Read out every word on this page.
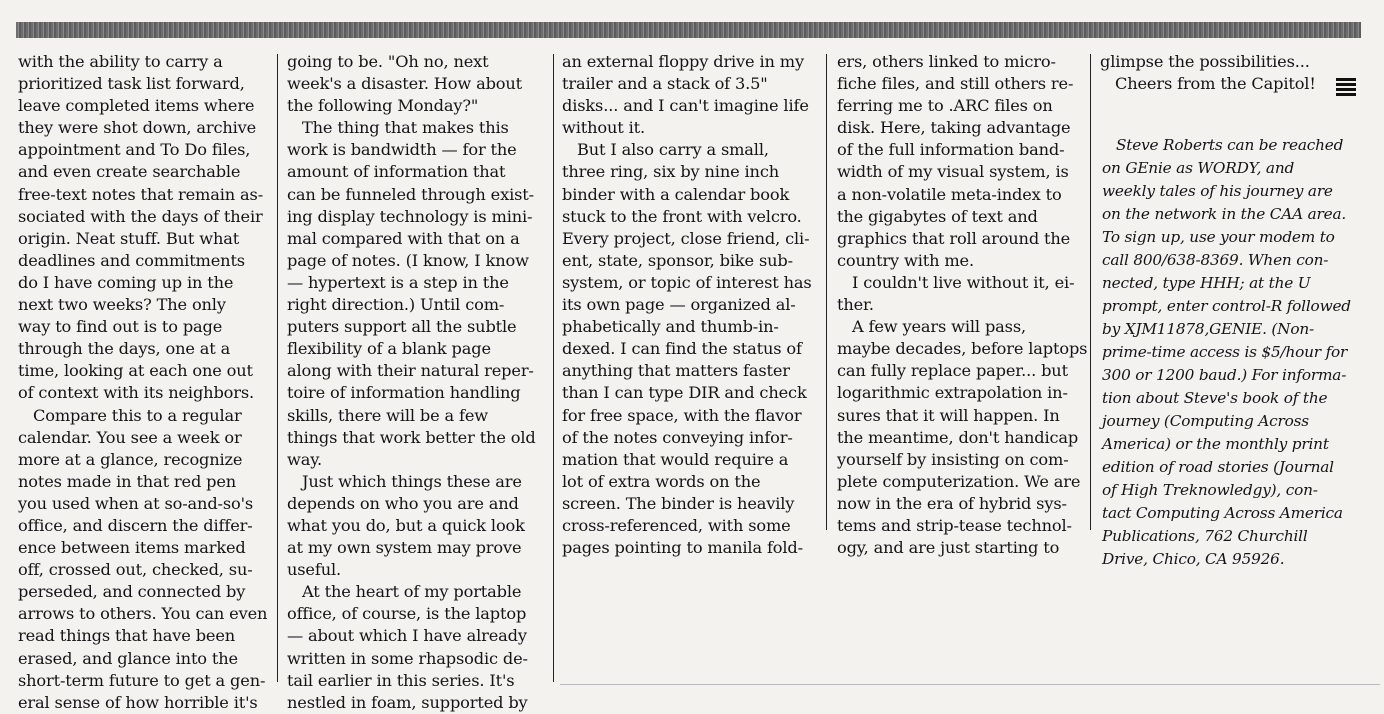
with the ability to carry a
prioritized task list forward,
leave completed items where
they were shot down, archive
appointment and To Do files,
and even create searchable
free-text notes that remain as-
sociated with the days of their
origin. Neat stuff. But what
deadlines and commitments
do I have coming up in the
next two weeks? The only
way to find out is to page
through the days, one at a
time, looking at each one out
of context with its neighbors.
Compare this to a regular
calendar. You see a week or
more at a glance, recognize
notes made in that red pen
you used when at so-and-so's
office, and discern the differ-
ence between items marked
off, crossed out, checked, su-
perseded, and connected by
arrows to others. You can even
read things that have been
erased, and glance into the
short-term future to get a gen-
eral sense of how horrible it's
going to be. "Oh no, next
week's a disaster. How about
the following Monday?"
The thing that makes this
work is bandwidth — for the
amount of information that
can be funneled through exist-
ing display technology is mini-
mal compared with that on a
page of notes. (I know, I know
— hypertext is a step in the
right direction.) Until com-
puters support all the subtle
flexibility of a blank page
along with their natural reper-
toire of information handling
skills, there will be a few
things that work better the old
way.
Just which things these are
depends on who you are and
what you do, but a quick look
at my own system may prove
useful.
At the heart of my portable
office, of course, is the laptop
— about which I have already
written in some rhapsodic de-
tail earlier in this series. It's
nestled in foam, supported by
an external floppy drive in my
trailer and a stack of 3.5"
disks... and I can't imagine life
without it.
But I also carry a small,
three ring, six by nine inch
binder with a calendar book
stuck to the front with velcro.
Every project, close friend, cli-
ent, state, sponsor, bike sub-
system, or topic of interest has
its own page — organized al-
phabetically and thumb-in-
dexed. I can find the status of
anything that matters faster
than I can type DIR and check
for free space, with the flavor
of the notes conveying infor-
mation that would require a
lot of extra words on the
screen. The binder is heavily
cross-referenced, with some
pages pointing to manila fold-
ers, others linked to micro-
fiche files, and still others re-
ferring me to .ARC files on
disk. Here, taking advantage
of the full information band-
width of my visual system, is
a non-volatile meta-index to
the gigabytes of text and
graphics that roll around the
country with me.
I couldn't live without it, ei-
ther.
A few years will pass,
maybe decades, before laptops
can fully replace paper... but
logarithmic extrapolation in-
sures that it will happen. In
the meantime, don't handicap
yourself by insisting on com-
plete computerization. We are
now in the era of hybrid sys-
tems and strip-tease technol-
ogy, and are just starting to
glimpse the possibilities...
Cheers from the Capitol!
Steve Roberts can be reached
on GEnie as WORDY, and
weekly tales of his journey are
on the network in the CAA area.
To sign up, use your modem to
call 800/638-8369. When con-
nected, type HHH; at the U
prompt, enter control-R followed
by XJM11878,GENIE. (Non-
prime-time access is $5/hour for
300 or 1200 baud.) For informa-
tion about Steve's book of the
journey (Computing Across
America) or the monthly print
edition of road stories (Journal
of High Treknowledgy), con-
tact Computing Across America
Publications, 762 Churchill
Drive, Chico, CA 95926.
